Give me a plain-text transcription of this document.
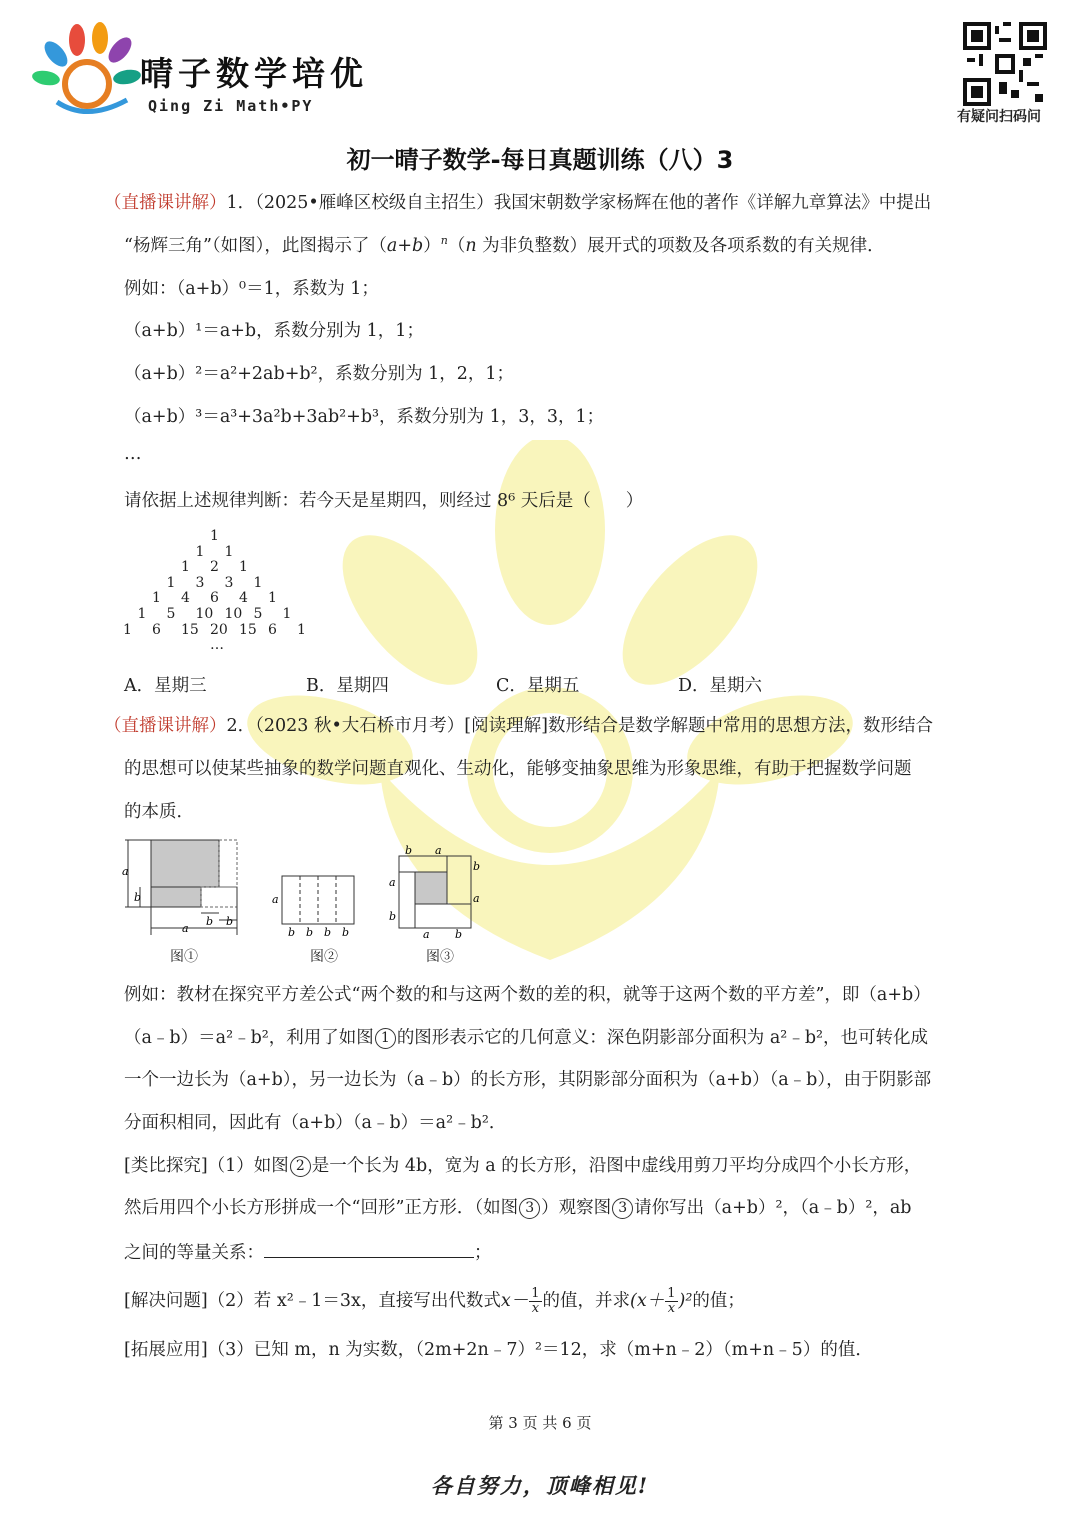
晴子数学培优
Qing Zi Math•PY
有疑问扫码问
初一晴子数学-每日真题训练（八）3
（直播课讲解）1．（2025•雁峰区校级自主招生）我国宋朝数学家杨辉在他的著作《详解九章算法》中提出
“杨辉三角”（如图），此图揭示了$(a+b)^n(n$ 为非负整数）展开式的项数及各项系数的有关规律．
例如：（a+b）⁰＝1，系数为 1；
（a+b）¹＝a+b，系数分别为 1，1；
（a+b）²＝a²+2ab+b²，系数分别为 1，2，1；
（a+b）³＝a³+3a²b+3ab²+b³，系数分别为 1，3，3，1；
…
请依据上述规律判断：若今天是星期四，则经过 8⁶ 天后是（　　）
1
1 1
1 2 1
1 3 3 1
1 4 6 4 1
1 5 10 10 5 1
1 6 15 20 15 6 1
…
A．星期三	B．星期四	C．星期五	D．星期六
（直播课讲解）2．（2023 秋•大石桥市月考）[阅读理解]数形结合是数学解题中常用的思想方法，数形结合
的思想可以使某些抽象的数学问题直观化、生动化，能够变抽象思维为形象思维，有助于把握数学问题
的本质．
a
b
a
b b
图①
a
b b b b
图②
b a
b
a
a
b
a b
图③
例如：教材在探究平方差公式“两个数的和与这两个数的差的积，就等于这两个数的平方差”，即（a+b）
（a﹣b）＝a²﹣b²，利用了如图 1 的图形表示它的几何意义：深色阴影部分面积为 a²﹣b²，也可转化成
一个一边长为（a+b），另一边长为（a﹣b）的长方形，其阴影部分面积为（a+b）（a﹣b），由于阴影部
分面积相同，因此有（a+b）（a﹣b）＝a²﹣b²．
[类比探究]（1）如图 2 是一个长为 4b，宽为 a 的长方形，沿图中虚线用剪刀平均分成四个小长方形，
然后用四个小长方形拼成一个“回形”正方形．（如图 3 ）观察图 3 请你写出（a+b）²，（a﹣b）²，ab
之间的等量关系：	；
[解决问题]（2）若 x²﹣1＝3x，直接写出代数式$x- \frac{1}{x}$ 的值，并求$(x+ \frac{1}{x} )^2$的值；
[拓展应用]（3）已知 m，n 为实数，（2m+2n﹣7）²＝12，求（m+n﹣2）（m+n﹣5）的值．
第 3 页 共 6 页
各自努力，顶峰相见!
